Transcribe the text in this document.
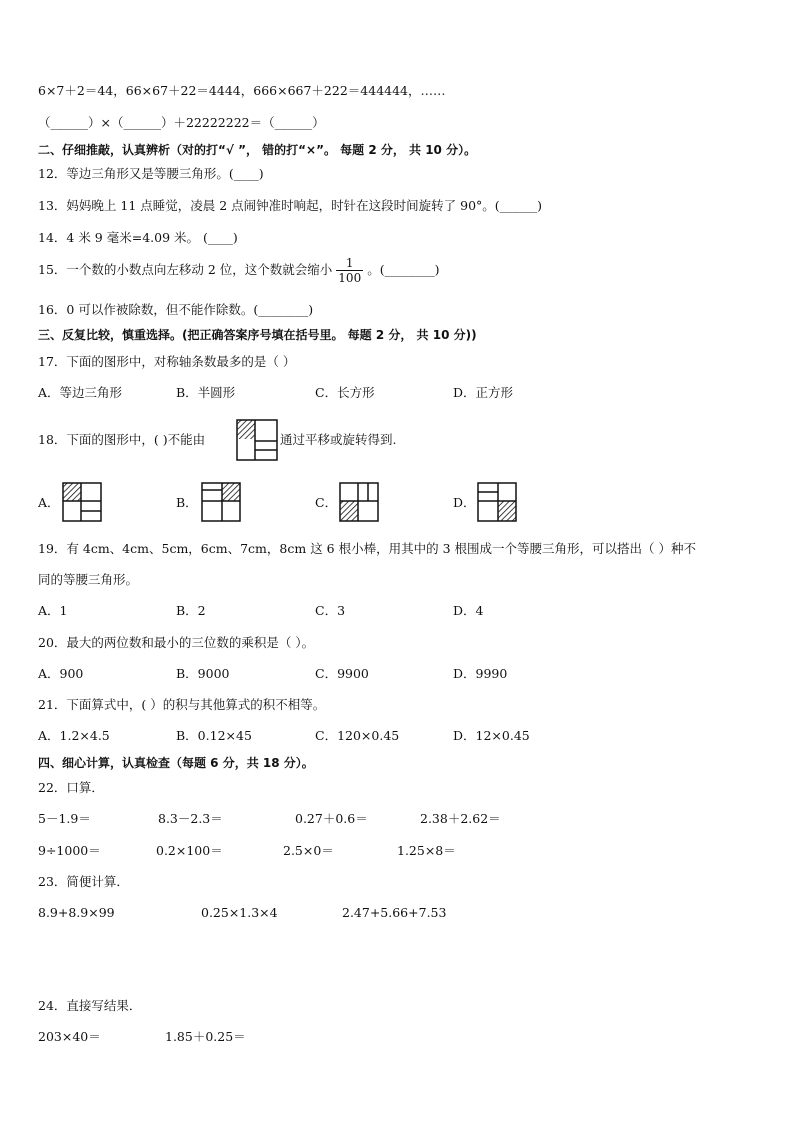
6×7＋2＝44，66×67＋22＝4444，666×667＋222＝444444，……
（______）×（______）＋22222222＝（______）
二、仔细推敲，认真辨析（对的打“√ ”， 错的打“×”。 每题 2 分， 共 10 分）。
12．等边三角形又是等腰三角形。(____)
13．妈妈晚上 11 点睡觉，凌晨 2 点闹钟准时响起，时针在这段时间旋转了 90°。(______)
14．4 米 9 毫米=4.09 米。 (____)
15．一个数的小数点向左移动 2 位，这个数就会缩小 $\frac{1}{100}$ 。(________)
16．0 可以作被除数，但不能作除数。(________)
三、反复比较，慎重选择。(把正确答案序号填在括号里。 每题 2 分， 共 10 分))
17．下面的图形中，对称轴条数最多的是（ ）
A．等边三角形	B．半圆形	C．长方形	D．正方形
18．下面的图形中，( )不能由	通过平移或旋转得到.
A．	B．	C．	D．
19．有 4cm、4cm、5cm，6cm、7cm，8cm 这 6 根小棒，用其中的 3 根围成一个等腰三角形，可以搭出（ ）种不
同的等腰三角形。
A．1	B．2	C．3	D．4
20．最大的两位数和最小的三位数的乘积是（ ）。
A．900	B．9000	C．9900	D．9990
21．下面算式中，( ）的积与其他算式的积不相等。
A．1.2×4.5	B．0.12×45	C．120×0.45	D．12×0.45
四、细心计算，认真检查（每题 6 分，共 18 分）。
22．口算．
5－1.9＝	8.3－2.3＝	0.27＋0.6＝	2.38＋2.62＝
9÷1000＝	0.2×100＝	2.5×0＝	1.25×8＝
23．简便计算．
8.9+8.9×99	0.25×1.3×4	2.47+5.66+7.53
24．直接写结果．
203×40＝	1.85＋0.25＝
